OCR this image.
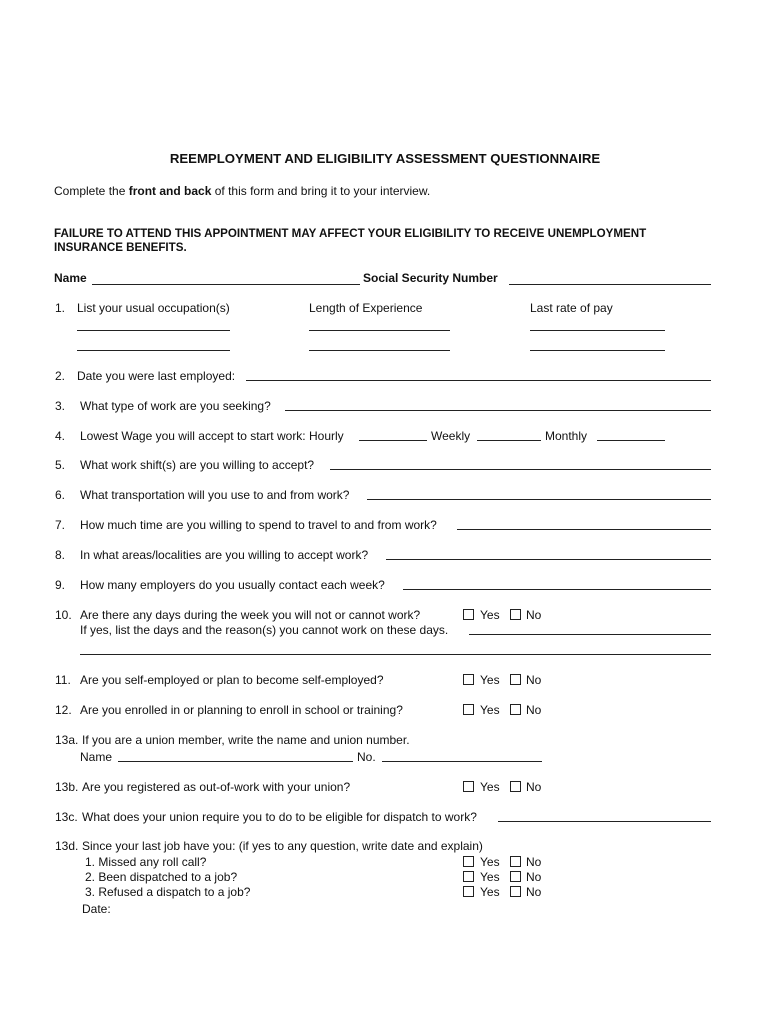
REEMPLOYMENT AND ELIGIBILITY ASSESSMENT QUESTIONNAIRE
Complete the front and back of this form and bring it to your interview.
FAILURE TO ATTEND THIS APPOINTMENT MAY AFFECT YOUR ELIGIBILITY TO RECEIVE UNEMPLOYMENT INSURANCE BENEFITS.
Name	Social Security Number
1. List your usual occupation(s)	Length of Experience	Last rate of pay
2. Date you were last employed:
3. What type of work are you seeking?
4. Lowest Wage you will accept to start work: Hourly	Weekly	Monthly
5. What work shift(s) are you willing to accept?
6. What transportation will you use to and from work?
7. How much time are you willing to spend to travel to and from work?
8. In what areas/localities are you willing to accept work?
9. How many employers do you usually contact each week?
10. Are there any days during the week you will not or cannot work?	Yes No
If yes, list the days and the reason(s) you cannot work on these days.
11. Are you self-employed or plan to become self-employed?	Yes No
12. Are you enrolled in or planning to enroll in school or training?	Yes No
13a. If you are a union member, write the name and union number.
Name	No.
13b. Are you registered as out-of-work with your union?	Yes No
13c. What does your union require you to do to be eligible for dispatch to work?
13d. Since your last job have you: (if yes to any question, write date and explain)
1. Missed any roll call?	Yes No
2. Been dispatched to a job?	Yes No
3. Refused a dispatch to a job?	Yes No
Date:
